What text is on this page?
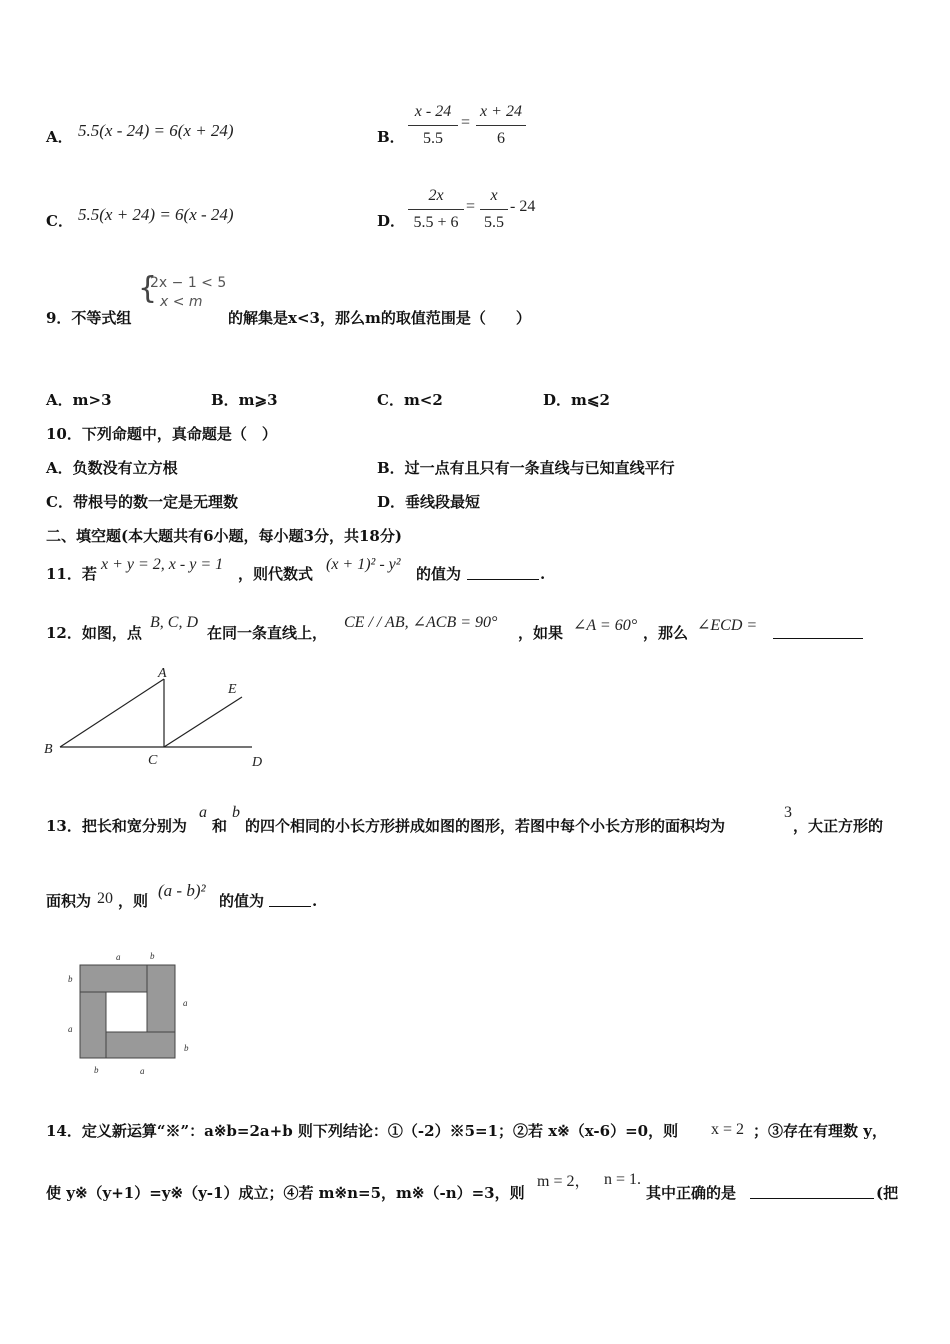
A． 5.5(x - 24) = 6(x + 24)	B．
x - 24
5.5
=
x + 24
6
C． 5.5(x + 24) = 6(x - 24)	D．
2x
5.5 + 6
=
x
5.5
- 24
9．不等式组
{
2x − 1 < 5
x < m
的解集是x<3，那么m的取值范围是（　　）
A．m>3	B．m⩾3	C．m<2	D．m⩽2
10．下列命题中，真命题是（　）
A．负数没有立方根	B．过一点有且只有一条直线与已知直线平行
C．带根号的数一定是无理数	D．垂线段最短
二、填空题(本大题共有6小题，每小题3分，共18分)
11．若
x + y = 2, x - y = 1
，则代数式
(x + 1)² - y²
的值为	.
12．如图，点
B, C, D
在同一条直线上，
CE / / AB, ∠ACB = 90°
，如果 ∠A = 60° ，那么 ∠ECD =
A
B
C	D
E
13．把长和宽分别为
a
和
b
的四个相同的小长方形拼成如图的图形，若图中每个小长方形的面积均为
3
，大正方形的
面积为 20 ，则
(a - b)²
的值为	.
a	b
b
a
a
b
b	a
14．定义新运算“※”：a※b=2a+b 则下列结论：①（-2）※5=1；②若 x※（x-6）=0，则 x = 2 ；③存在有理数 y，
使 y※（y+1）=y※（y-1）成立；④若 m※n=5，m※（-n）=3，则
m = 2， n = 1.
其中正确的是	(把
